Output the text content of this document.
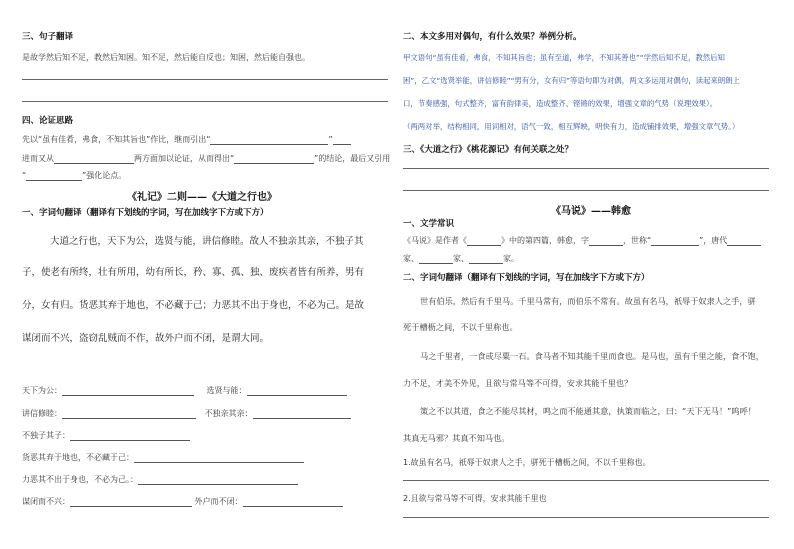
三、句子翻译
是故学然后知不足，教然后知困。知不足，然后能自反也；知困，然后能自强也。
四、论证思路
先以“虽有佳肴，弗食，不知其旨也”作比，继而引出“	”
进而又从	两方面加以论证，从而得出“	”的结论，最后又引用
“	”强化论点。
《礼记》二则——《大道之行也》
一、字词句翻译（翻译有下划线的字词，写在加线字下方或下方）
大道之行也，天下为公，选贤与能，讲信修睦。故人不独亲其亲，不独子其
子，使老有所终，壮有所用，幼有所长，矜、寡、孤、独、废疾者皆有所养，男有
分，女有归。货恶其弃于地也，不必藏于己；力恶其不出于身也，不必为己。是故
谋闭而不兴，盗窃乱贼而不作，故外户而不闭，是谓大同。
天下为公：	选贤与能：
讲信修睦：	不独亲其亲：
不独子其子：
货恶其弃于地也，不必藏于己：
力恶其不出于身也，不必为己。：
谋闭而不兴：	外户而不闭：
二、本文多用对偶句，有什么效果？举例分析。
甲文语句“虽有佳肴，弗食，不知其旨也；虽有至道，弗学，不知其善也”“学然后知不足，教然后知
困”，乙文“选贤举能，讲信修睦”“男有分，女有归”等语句即为对偶，两文多运用对偶句，读起来朗朗上
口，节奏感强，句式整齐，富有韵律美，造成整齐、铿锵的效果，增强文章的气势（说理效果）。
（两两对举，结构相同，用词相对，语气一致，相互辉映，明快有力，造成铺排效果，增强文章气势。）
三、《大道之行》《桃花源记》有何关联之处？
《马说》——韩愈
一、文学常识
《马说》是作者《	》中的第四篇，韩愈，字	，世称“	”，唐代
家、	家、	家。
二、字词句翻译（翻译有下划线的字词，写在加线字下方或下方）
世有伯乐，然后有千里马。千里马常有，而伯乐不常有。故虽有名马，祇辱于奴隶人之手，骈
死于槽枥之间，不以千里称也。
马之千里者，一食或尽粟一石。食马者不知其能千里而食也。是马也，虽有千里之能，食不饱，
力不足，才美不外见，且欲与常马等不可得，安求其能千里也？
策之不以其道，食之不能尽其材，鸣之而不能通其意，执策而临之，曰：“天下无马！”呜呼！
其真无马邪？其真不知马也。
1.故虽有名马，祇辱于奴隶人之手，骈死于槽枥之间，不以千里称也。
2.且欲与常马等不可得，安求其能千里也
